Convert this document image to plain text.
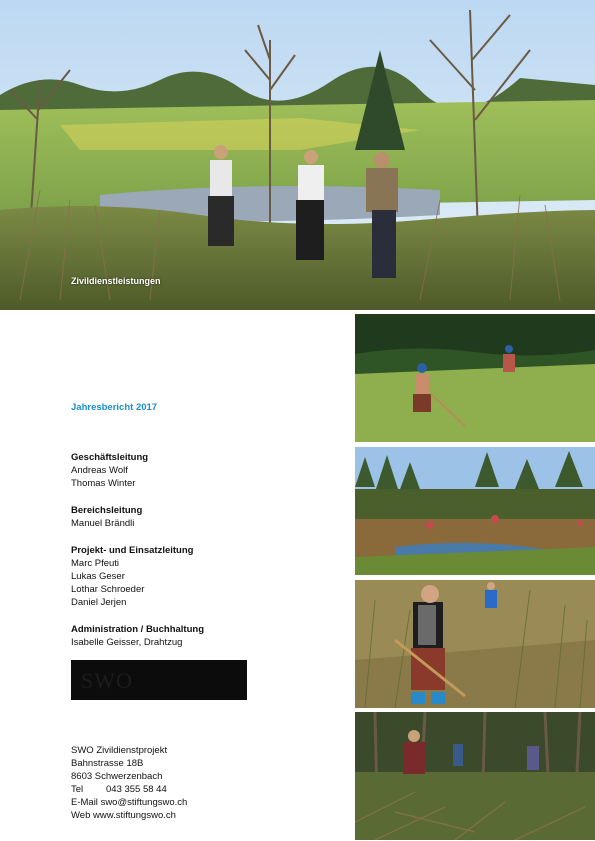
Zivildienstleistungen
Jahresbericht 2017
Geschäftsleitung
Andreas Wolf
Thomas Winter
Bereichsleitung
Manuel Brändli
Projekt- und Einsatzleitung
Marc Pfeuti
Lukas Geser
Lothar Schroeder
Daniel Jerjen
Administration / Buchhaltung
Isabelle Geisser, Drahtzug
SWO
SWO Zivildienstprojekt
Bahnstrasse 18B
8603 Schwerzenbach
Tel 043 355 58 44
E-Mail swo@stiftungswo.ch
Web www.stiftungswo.ch
